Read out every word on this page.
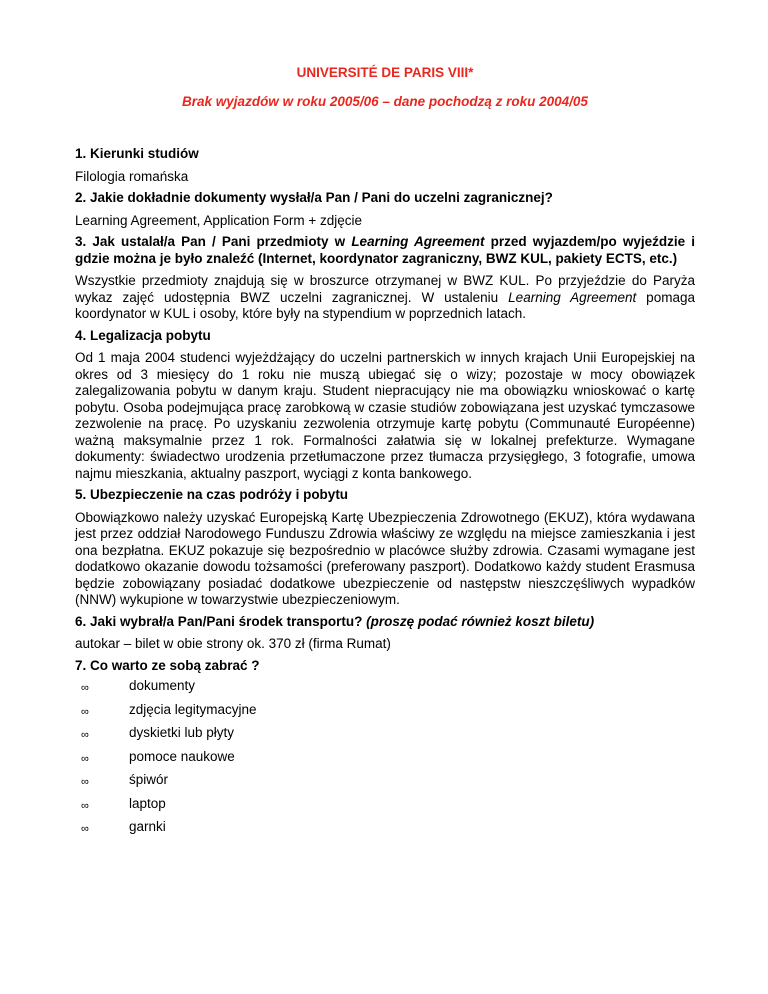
UNIVERSITÉ DE PARIS VIII*
Brak wyjazdów w roku 2005/06 – dane pochodzą z roku 2004/05
1. Kierunki studiów
Filologia romańska
2. Jakie dokładnie dokumenty wysłał/a Pan / Pani do uczelni zagranicznej?
Learning Agreement, Application Form + zdjęcie
3. Jak ustalał/a Pan / Pani przedmioty w Learning Agreement przed wyjazdem/po wyjeździe i gdzie można je było znaleźć (Internet, koordynator zagraniczny, BWZ KUL, pakiety ECTS, etc.)
Wszystkie przedmioty znajdują się w broszurce otrzymanej w BWZ KUL. Po przyjeździe do Paryża wykaz zajęć udostępnia BWZ uczelni zagranicznej. W ustaleniu Learning Agreement pomaga koordynator w KUL i osoby, które były na stypendium w poprzednich latach.
4. Legalizacja pobytu
Od 1 maja 2004 studenci wyjeżdżający do uczelni partnerskich w innych krajach Unii Europejskiej na okres od 3 miesięcy do 1 roku nie muszą ubiegać się o wizy; pozostaje w mocy obowiązek zalegalizowania pobytu w danym kraju. Student niepracujący nie ma obowiązku wnioskować o kartę pobytu. Osoba podejmująca pracę zarobkową w czasie studiów zobowiązana jest uzyskać tymczasowe zezwolenie na pracę. Po uzyskaniu zezwolenia otrzymuje kartę pobytu (Communauté Européenne) ważną maksymalnie przez 1 rok. Formalności załatwia się w lokalnej prefekturze. Wymagane dokumenty: świadectwo urodzenia przetłumaczone przez tłumacza przysięgłego, 3 fotografie, umowa najmu mieszkania, aktualny paszport, wyciągi z konta bankowego.
5. Ubezpieczenie na czas podróży i pobytu
Obowiązkowo należy uzyskać Europejską Kartę Ubezpieczenia Zdrowotnego (EKUZ), która wydawana jest przez oddział Narodowego Funduszu Zdrowia właściwy ze względu na miejsce zamieszkania i jest ona bezpłatna. EKUZ pokazuje się bezpośrednio w placówce służby zdrowia. Czasami wymagane jest dodatkowo okazanie dowodu tożsamości (preferowany paszport). Dodatkowo każdy student Erasmusa będzie zobowiązany posiadać dodatkowe ubezpieczenie od następstw nieszczęśliwych wypadków (NNW) wykupione w towarzystwie ubezpieczeniowym.
6. Jaki wybrał/a Pan/Pani środek transportu? (proszę podać również koszt biletu)
autokar – bilet w obie strony ok. 370 zł (firma Rumat)
7. Co warto ze sobą zabrać ?
∞	dokumenty
∞	zdjęcia legitymacyjne
∞	dyskietki lub płyty
∞	pomoce naukowe
∞	śpiwór
∞	laptop
∞	garnki
